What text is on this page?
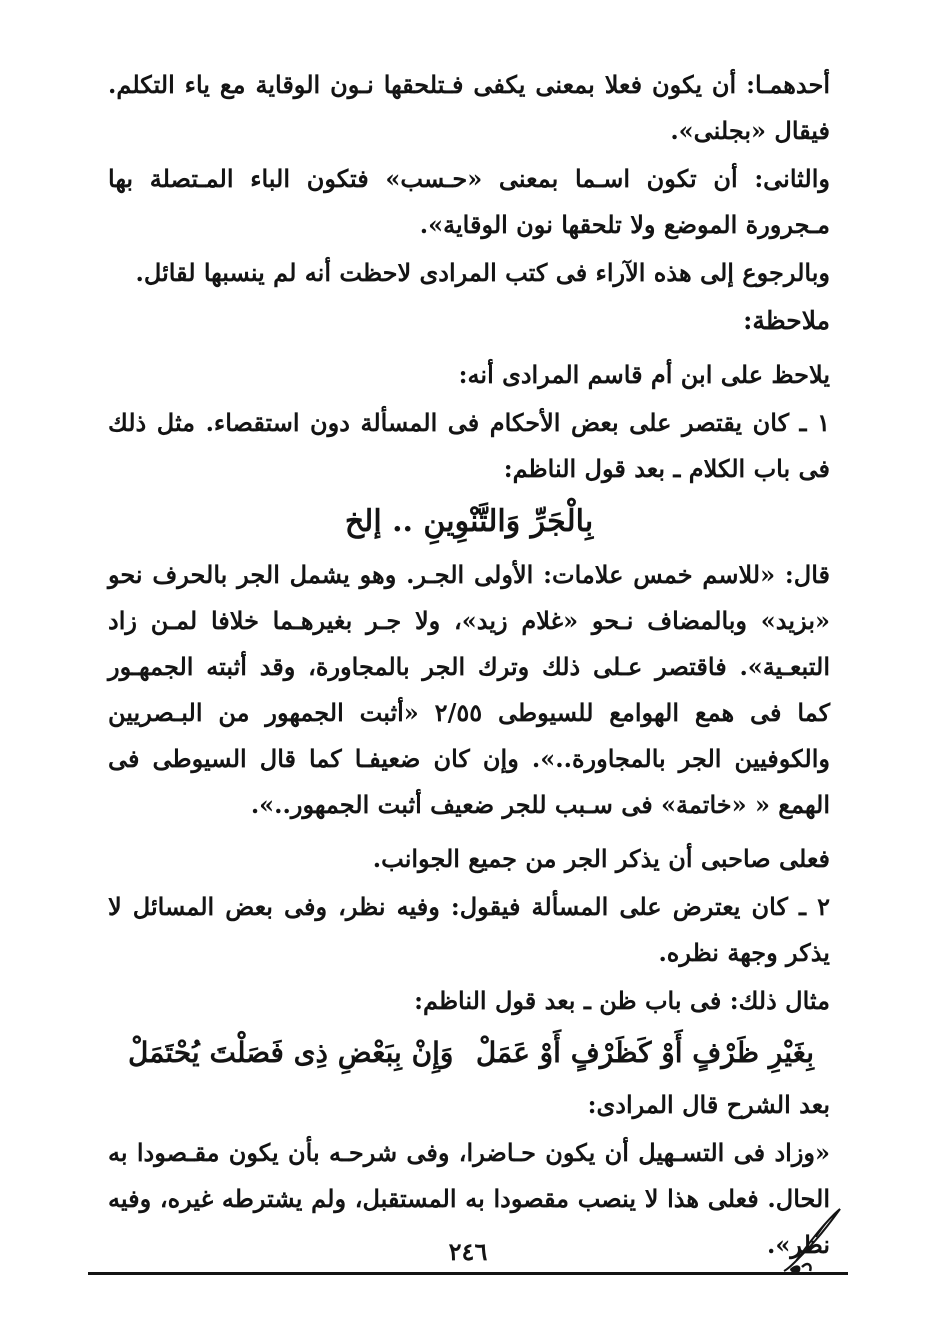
أحدهمـا: أن يكون فعلا بمعنى يكفى فـتلحقها نـون الوقاية مع ياء التكلم. فيقال «بجلنى».

والثانى: أن تكون اسـما بمعنى «حـسب» فتكون الباء المـتصلة بها مـجرورة الموضع ولا تلحقها نون الوقاية».

وبالرجوع إلى هذه الآراء فى كتب المرادى لاحظت أنه لم ينسبها لقائل.

ملاحظة:

يلاحظ على ابن أم قاسم المرادى أنه:

١ ـ كان يقتصر على بعض الأحكام فى المسألة دون استقصاء. مثل ذلك فى باب الكلام ـ بعد قول الناظم:

بِالْجَرِّ وَالتَّنْوِينِ .. إلخ

قال: «للاسم خمس علامات: الأولى الجـر. وهو يشمل الجر بالحرف نحو «بزيد» وبالمضاف نـحو «غلام زيد»، ولا جـر بغيرهـما خلافا لمـن زاد التبعـية». فاقتصر عـلى ذلك وترك الجر بالمجاورة، وقد أثبته الجمهـور كما فى همع الهوامع للسيوطى ٢/٥٥ «أثبت الجمهور من البـصريين والكوفيين الجر بالمجاورة..». وإن كان ضعيفـا كما قال السيوطى فى الهمع « «خاتمة» فى سـبب للجر ضعيف أثبت الجمهور..».

فعلى صاحبى أن يذكر الجر من جميع الجوانب.

٢ ـ كان يعترض على المسألة فيقول: وفيه نظر، وفى بعض المسائل لا يذكر وجهة نظره.

مثال ذلك: فى باب ظن ـ بعد قول الناظم:

بِغَيْرِ ظَرْفٍ أَوْ كَظَرْفٍ أَوْ عَمَلْ
وَإِنْ بِبَعْضِ ذِى فَصَلْتَ يُحْتَمَلْ

بعد الشرح قال المرادى:

«وزاد فى التسـهيل أن يكون حـاضرا، وفى شرحـه بأن يكون مقـصودا به الحال. فعلى هذا لا ينصب مقصودا به المستقبل، ولم يشترطه غيره، وفيه نظر».

٢٤٦
